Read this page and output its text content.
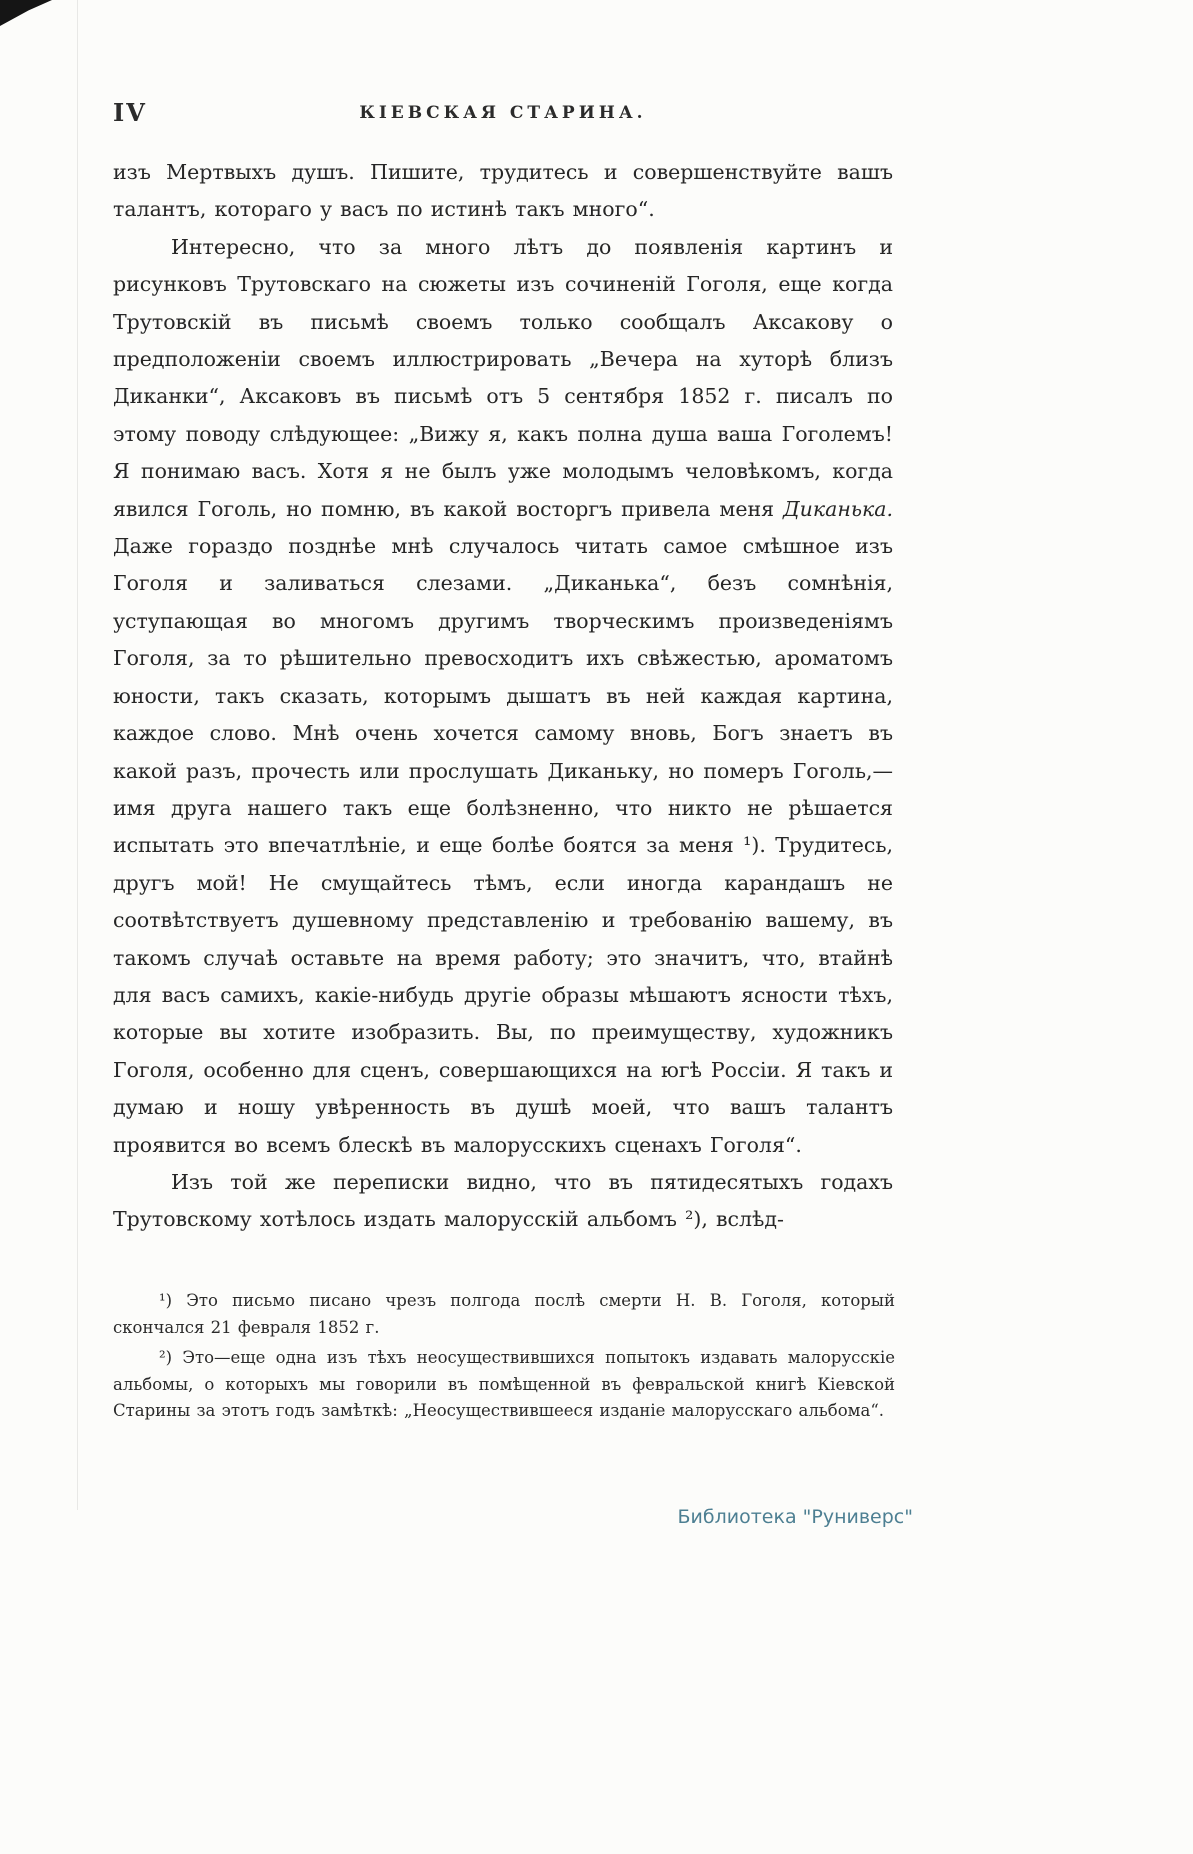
IV	КІЕВСКАЯ СТАРИНА.

изъ Мертвыхъ душъ. Пишите, трудитесь и совершенствуйте вашъ талантъ, котораго у васъ по истинѣ такъ много“.

Интересно, что за много лѣтъ до появленія картинъ и рисунковъ Трутовскаго на сюжеты изъ сочиненій Гоголя, еще когда Трутовскій въ письмѣ своемъ только сообщалъ Аксакову о предположеніи своемъ иллюстрировать „Вечера на хуторѣ близъ Диканки“, Аксаковъ въ письмѣ отъ 5 сентября 1852 г. писалъ по этому поводу слѣдующее: „Вижу я, какъ полна душа ваша Гоголемъ! Я понимаю васъ. Хотя я не былъ уже молодымъ человѣкомъ, когда явился Гоголь, но помню, въ какой восторгъ привела меня Диканька. Даже гораздо позднѣе мнѣ случалось читать самое смѣшное изъ Гоголя и заливаться слезами. „Диканька“, безъ сомнѣнія, уступающая во многомъ другимъ творческимъ произведеніямъ Гоголя, за то рѣшительно превосходитъ ихъ свѣжестью, ароматомъ юности, такъ сказать, которымъ дышатъ въ ней каждая картина, каждое слово. Мнѣ очень хочется самому вновь, Богъ знаетъ въ какой разъ, прочесть или прослушать Диканьку, но померъ Гоголь,—имя друга нашего такъ еще болѣзненно, что никто не рѣшается испытать это впечатлѣніе, и еще болѣе боятся за меня ¹). Трудитесь, другъ мой! Не смущайтесь тѣмъ, если иногда карандашъ не соотвѣтствуетъ душевному представленію и требованію вашему, въ такомъ случаѣ оставьте на время работу; это значитъ, что, втайнѣ для васъ самихъ, какіе-нибудь другіе образы мѣшаютъ ясности тѣхъ, которые вы хотите изобразить. Вы, по преимуществу, художникъ Гоголя, особенно для сценъ, совершающихся на югѣ Россіи. Я такъ и думаю и ношу увѣренность въ душѣ моей, что вашъ талантъ проявится во всемъ блескѣ въ малорусскихъ сценахъ Гоголя“.

Изъ той же переписки видно, что въ пятидесятыхъ годахъ Трутовскому хотѣлось издать малорусскій альбомъ ²), вслѣд-

¹) Это письмо писано чрезъ полгода послѣ смерти Н. В. Гоголя, который скончался 21 февраля 1852 г.

²) Это—еще одна изъ тѣхъ неосуществившихся попытокъ издавать малорусскіе альбомы, о которыхъ мы говорили въ помѣщенной въ февральской книгѣ Кіевской Старины за этотъ годъ замѣткѣ: „Неосуществившееся изданіе малорусскаго альбома“.

Библиотека "Руниверс"
